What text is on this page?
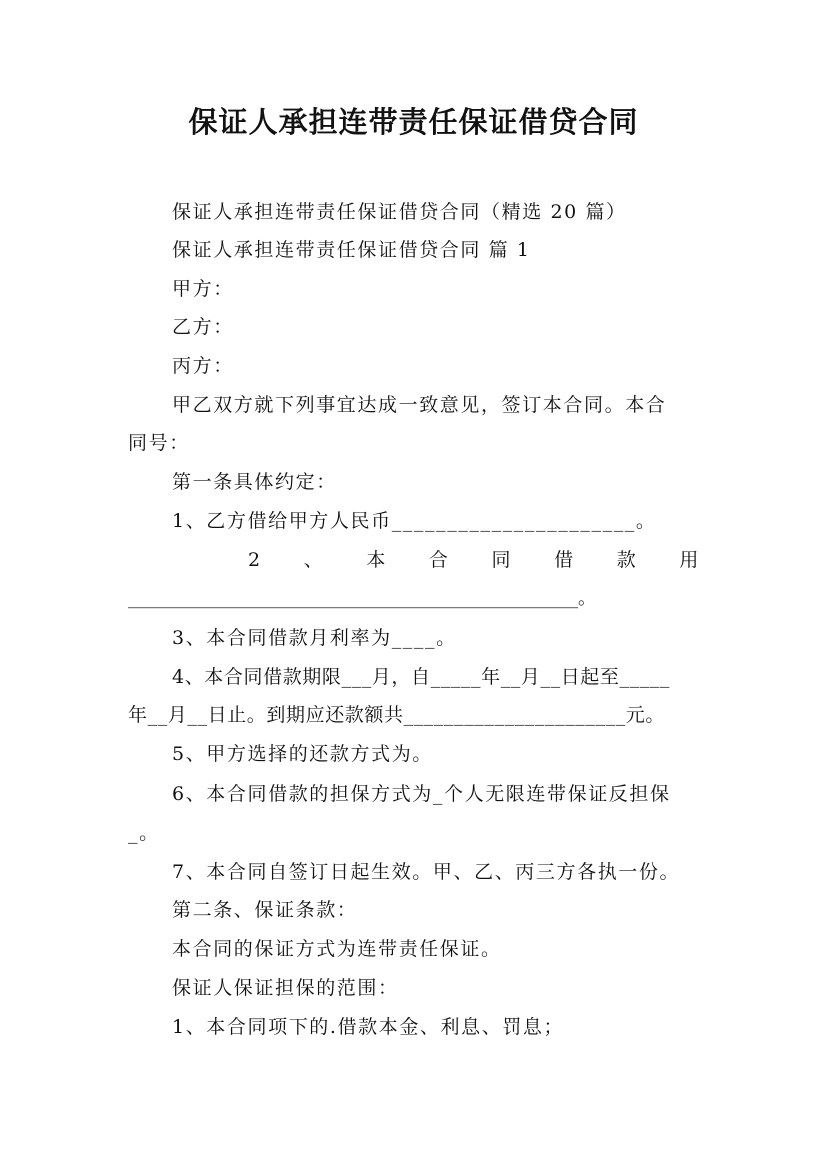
保证人承担连带责任保证借贷合同
保证人承担连带责任保证借贷合同（精选 20 篇）
保证人承担连带责任保证借贷合同 篇 1
甲方：
乙方：
丙方：
甲乙双方就下列事宜达成一致意见，签订本合同。本合
同号：
第一条具体约定：
1、乙方借给甲方人民币______________________。
2 、 本 合 同 借 款 用
__________________________________________________。
3、本合同借款月利率为____。
4、本合同借款期限___月，自_____年__月__日起至_____
年__月__日止。到期应还款额共______________________元。
5、甲方选择的还款方式为。
6、本合同借款的担保方式为_个人无限连带保证反担保
_。
7、本合同自签订日起生效。甲、乙、丙三方各执一份。
第二条、保证条款：
本合同的保证方式为连带责任保证。
保证人保证担保的范围：
1、本合同项下的.借款本金、利息、罚息；
